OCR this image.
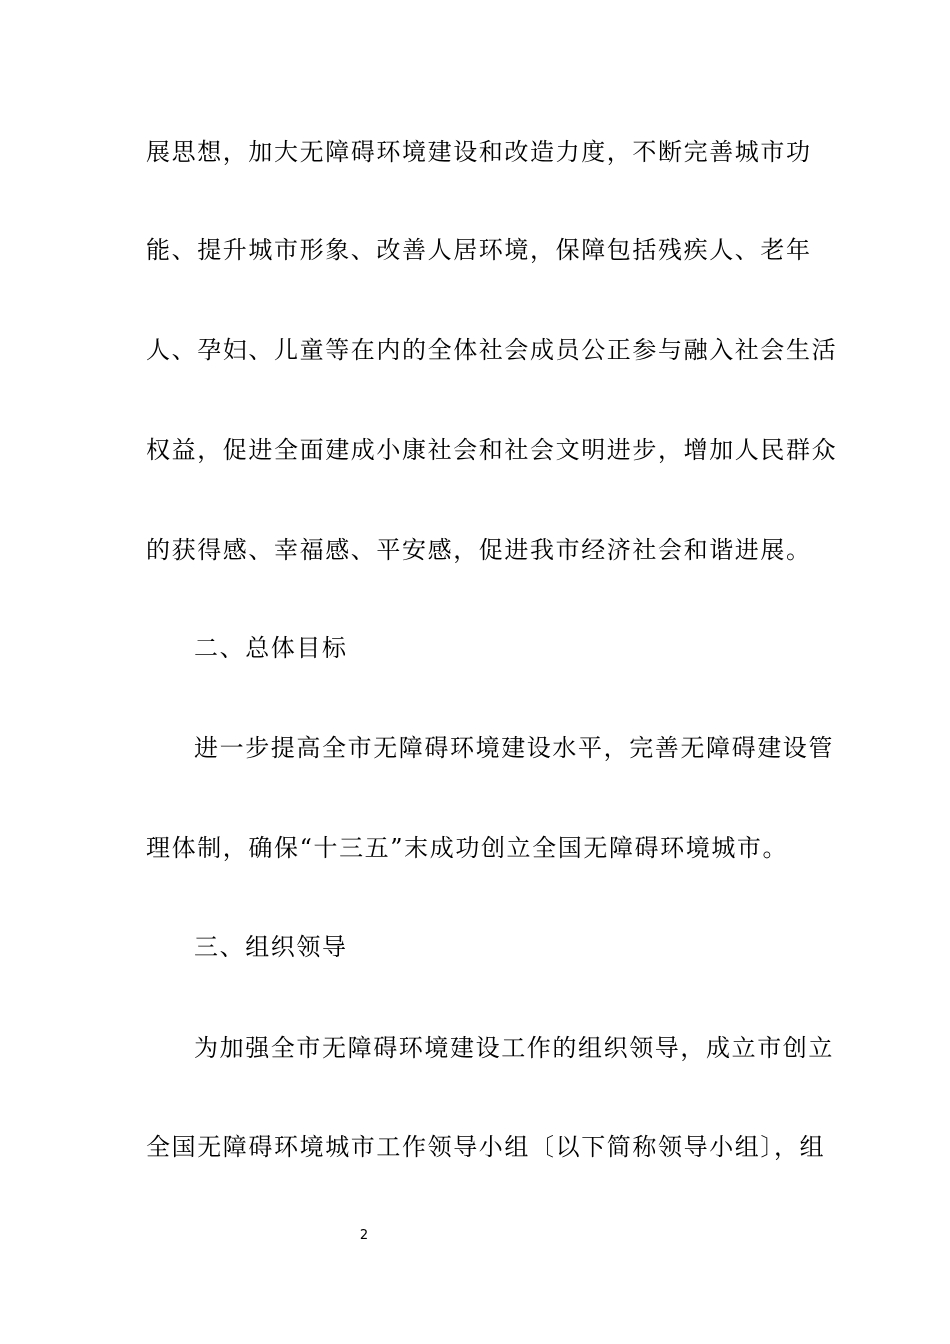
展思想，加大无障碍环境建设和改造力度，不断完善城市功
能、提升城市形象、改善人居环境，保障包括残疾人、老年
人、孕妇、儿童等在内的全体社会成员公正参与融入社会生活
权益，促进全面建成小康社会和社会文明进步，增加人民群众
的获得感、幸福感、平安感，促进我市经济社会和谐进展。
二、总体目标
进一步提高全市无障碍环境建设水平，完善无障碍建设管
理体制，确保“十三五”末成功创立全国无障碍环境城市。
三、组织领导
为加强全市无障碍环境建设工作的组织领导，成立市创立
全国无障碍环境城市工作领导小组〔以下简称领导小组〕，组
2
